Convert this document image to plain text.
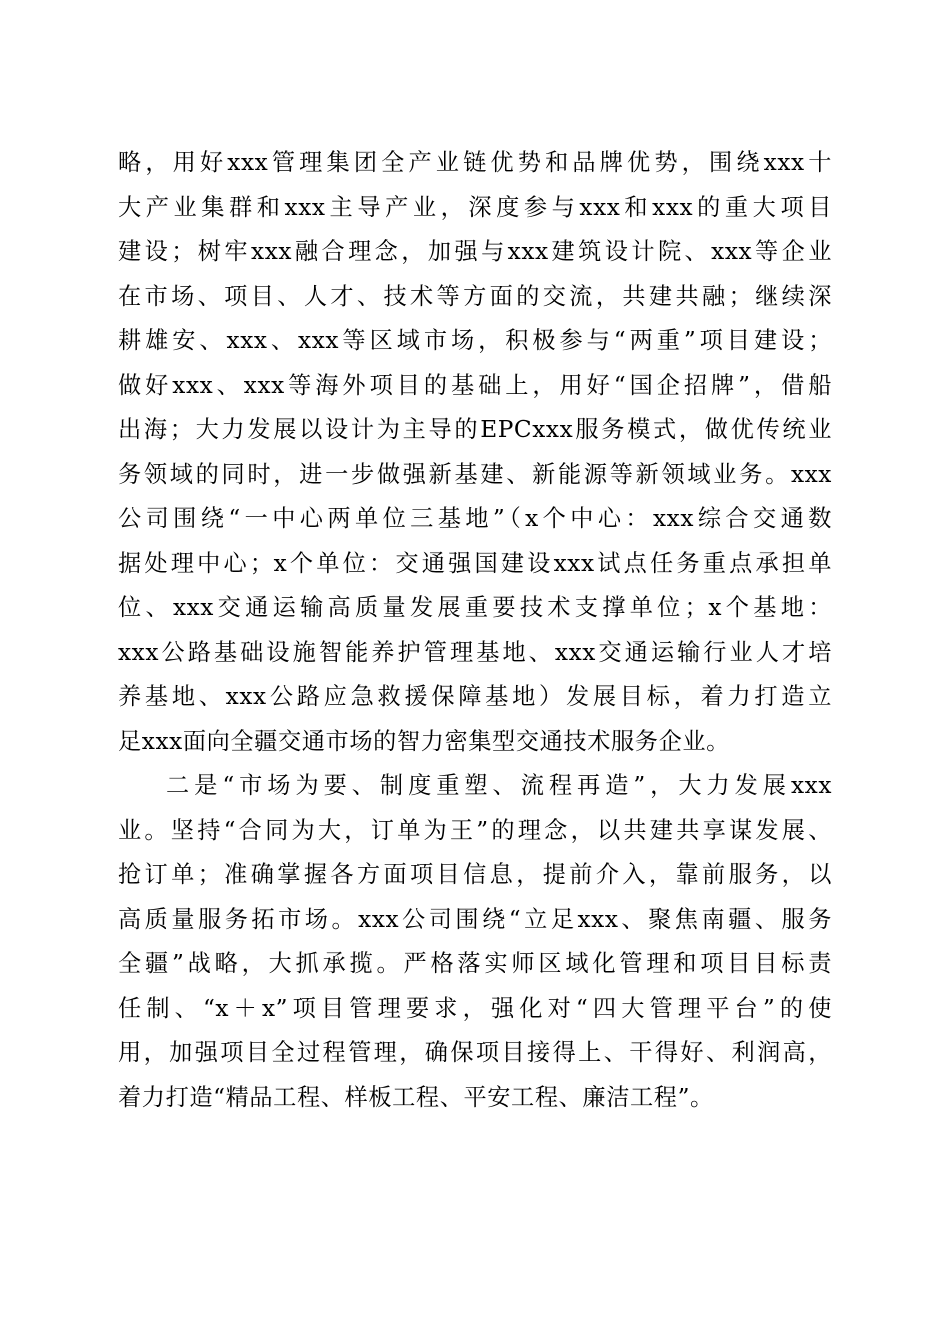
略，用好xxx管理集团全产业链优势和品牌优势，围绕xxx十
大产业集群和xxx主导产业，深度参与xxx和xxx的重大项目
建设；树牢xxx融合理念，加强与xxx建筑设计院、xxx等企业
在市场、项目、人才、技术等方面的交流，共建共融；继续深
耕雄安、xxx、xxx等区域市场，积极参与“两重”项目建设；
做好xxx、xxx等海外项目的基础上，用好“国企招牌”，借船
出海；大力发展以设计为主导的EPCxxx服务模式，做优传统业
务领域的同时，进一步做强新基建、新能源等新领域业务。xxx
公司围绕“一中心两单位三基地”（x个中心：xxx综合交通数
据处理中心；x个单位：交通强国建设xxx试点任务重点承担单
位、xxx交通运输高质量发展重要技术支撑单位；x个基地：
xxx公路基础设施智能养护管理基地、xxx交通运输行业人才培
养基地、xxx公路应急救援保障基地）发展目标，着力打造立
足xxx面向全疆交通市场的智力密集型交通技术服务企业。
二是“市场为要、制度重塑、流程再造”，大力发展xxx
业。坚持“合同为大，订单为王”的理念，以共建共享谋发展、
抢订单；准确掌握各方面项目信息，提前介入，靠前服务，以
高质量服务拓市场。xxx公司围绕“立足xxx、聚焦南疆、服务
全疆”战略，大抓承揽。严格落实师区域化管理和项目目标责
任制、“x＋x”项目管理要求，强化对“四大管理平台”的使
用，加强项目全过程管理，确保项目接得上、干得好、利润高，
着力打造“精品工程、样板工程、平安工程、廉洁工程”。
